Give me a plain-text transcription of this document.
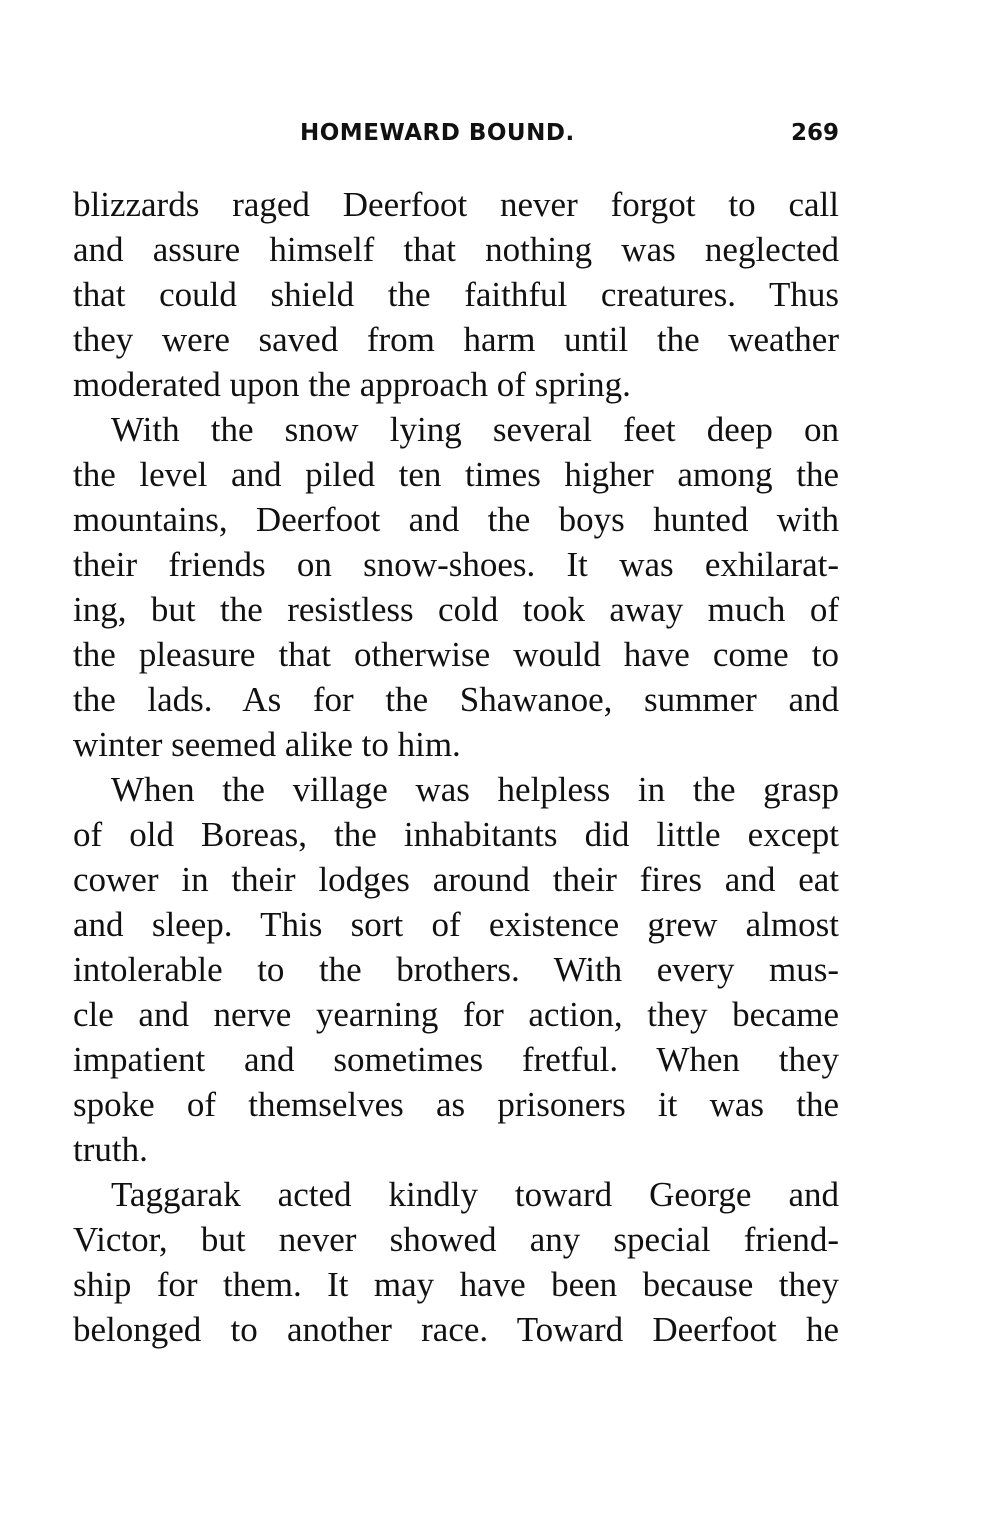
HOMEWARD BOUND.	269
blizzards raged Deerfoot never forgot to call
and assure himself that nothing was neglected
that could shield the faithful creatures. Thus
they were saved from harm until the weather
moderated upon the approach of spring.
With the snow lying several feet deep on
the level and piled ten times higher among the
mountains, Deerfoot and the boys hunted with
their friends on snow-shoes. It was exhilarat-
ing, but the resistless cold took away much of
the pleasure that otherwise would have come to
the lads. As for the Shawanoe, summer and
winter seemed alike to him.
When the village was helpless in the grasp
of old Boreas, the inhabitants did little except
cower in their lodges around their fires and eat
and sleep. This sort of existence grew almost
intolerable to the brothers. With every mus-
cle and nerve yearning for action, they became
impatient and sometimes fretful. When they
spoke of themselves as prisoners it was the
truth.
Taggarak acted kindly toward George and
Victor, but never showed any special friend-
ship for them. It may have been because they
belonged to another race. Toward Deerfoot he
